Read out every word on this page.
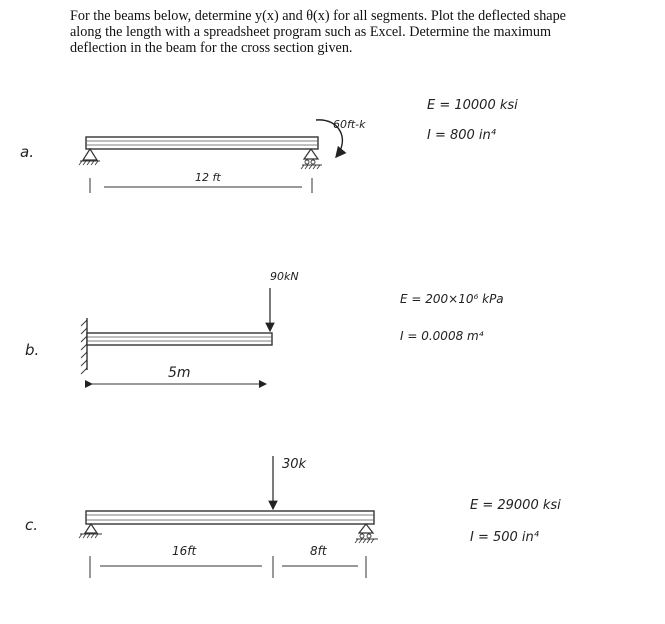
For the beams below, determine y(x) and θ(x) for all segments. Plot the deflected shape
along the length with a spreadsheet program such as Excel. Determine the maximum
deflection in the beam for the cross section given.
a.
60ft-k
12 ft
E = 10000 ksi
I = 800 in⁴
b.
90kN
5m
E = 200×10⁶ kPa
I = 0.0008 m⁴
c.
30k
16ft	8ft
E = 29000 ksi
I = 500 in⁴
